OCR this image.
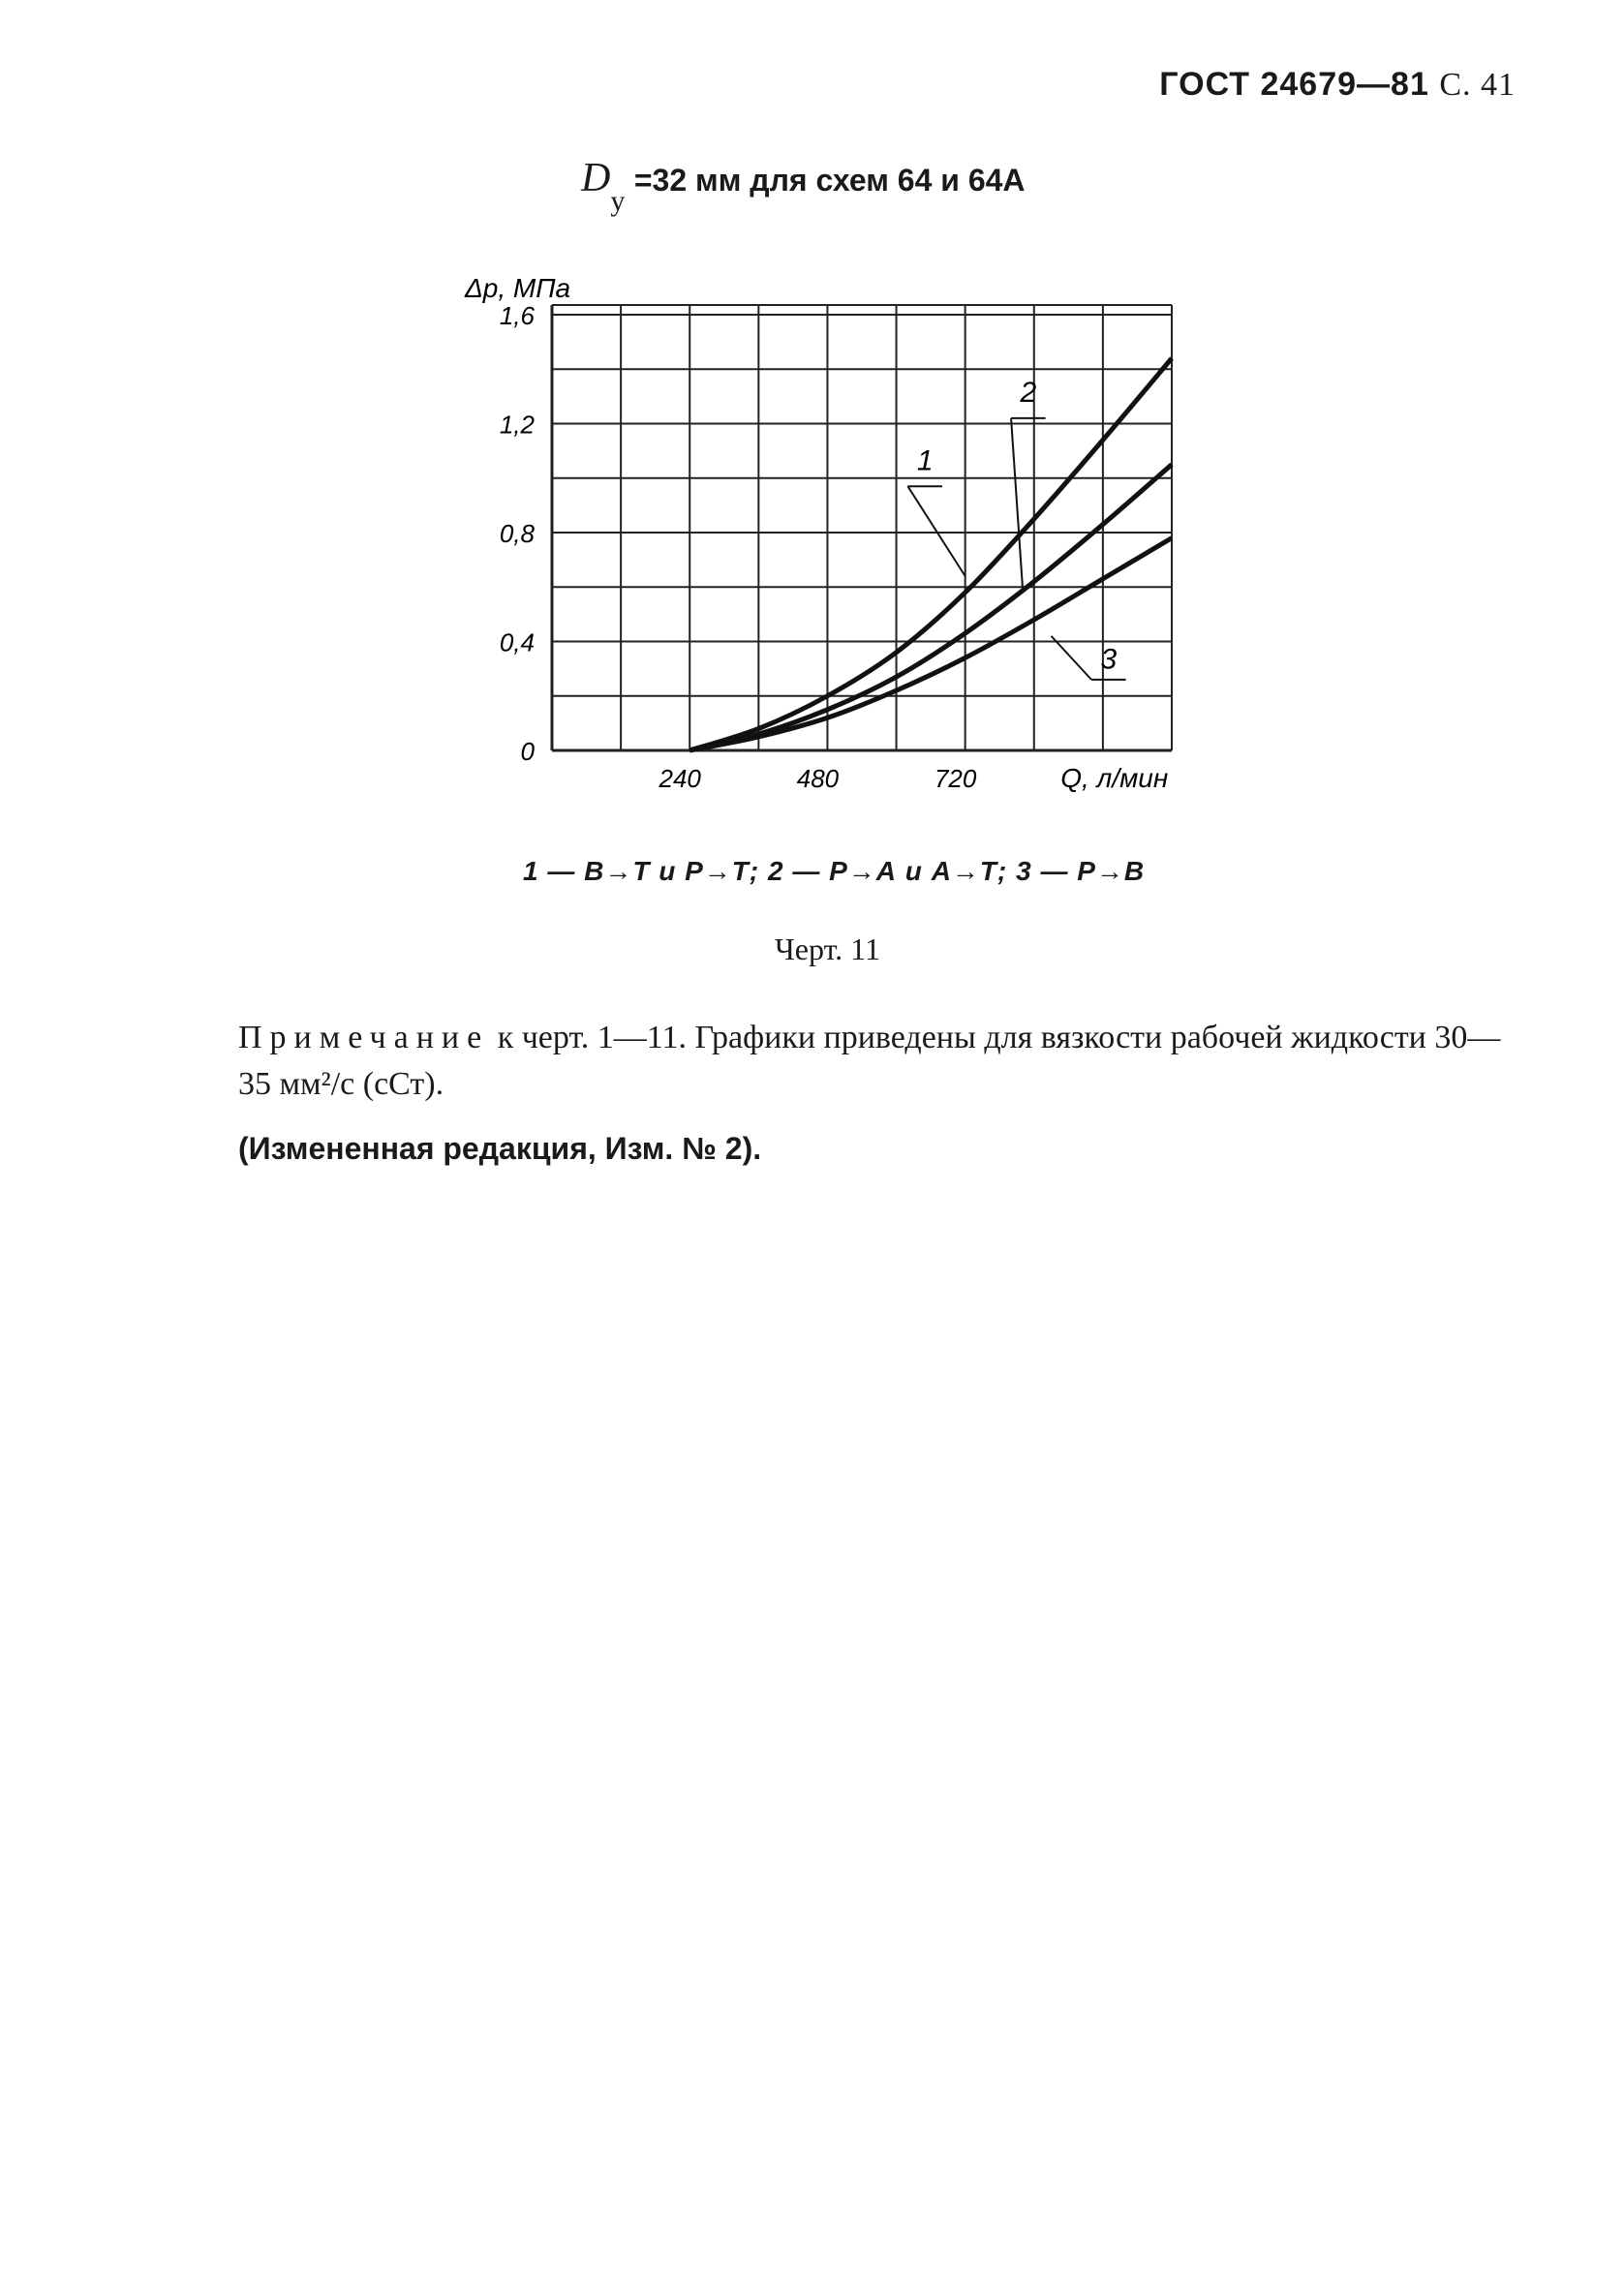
ГОСТ 24679—81 С. 41
$D_у =32$ мм для схем 64 и 64А
0
0,4
0,8
1,2
1,6
240	480	720	Q, л/мин
Δp, МПа
1
2
3
1 — В→Т и Р→Т; 2 — Р→А и А→Т; 3 — Р→В
Черт. 11
Примечание к черт. 1—11. Графики приведены для вязкости рабочей жидкости 30—35 мм²/с (сСт).
(Измененная редакция, Изм. № 2).
